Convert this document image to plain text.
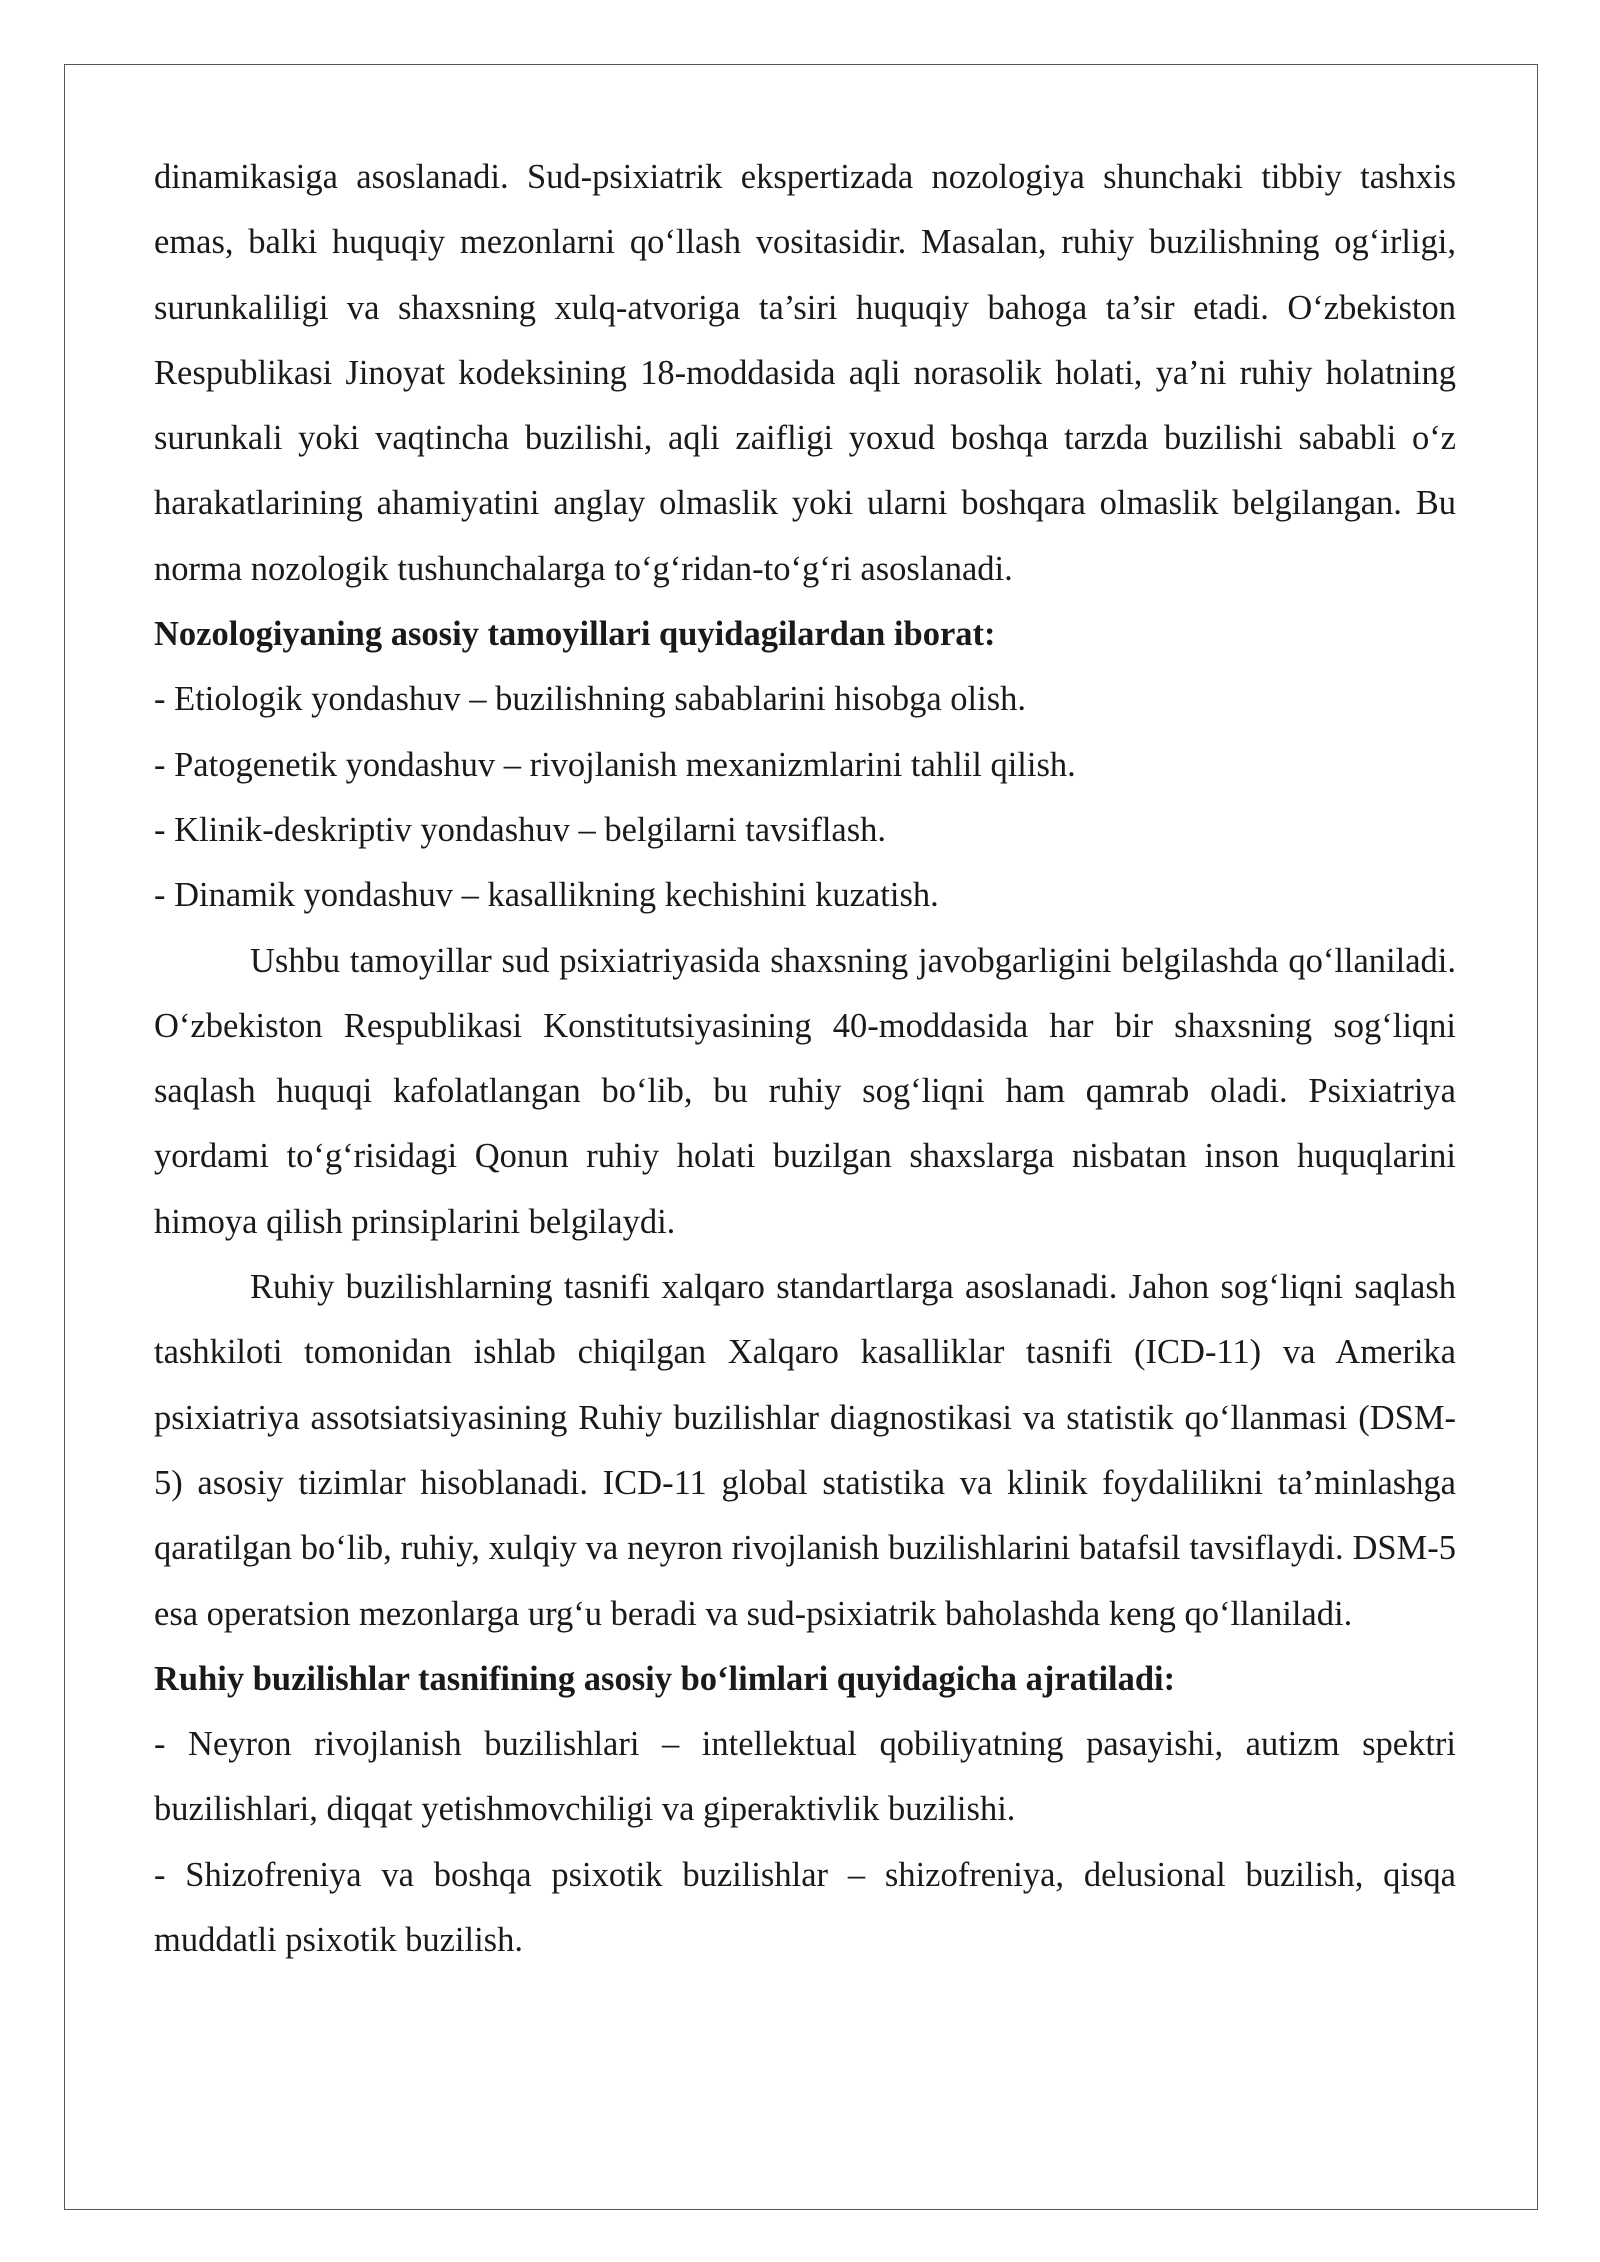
dinamikasiga asoslanadi. Sud-psixiatrik ekspertizada nozologiya shunchaki tibbiy tashxis emas, balki huquqiy mezonlarni qo‘llash vositasidir. Masalan, ruhiy buzilishning og‘irligi, surunkaliligi va shaxsning xulq-atvoriga ta’siri huquqiy bahoga ta’sir etadi. O‘zbekiston Respublikasi Jinoyat kodeksining 18-moddasida aqli norasolik holati, ya’ni ruhiy holatning surunkali yoki vaqtincha buzilishi, aqli zaifligi yoxud boshqa tarzda buzilishi sababli o‘z harakatlarining ahamiyatini anglay olmaslik yoki ularni boshqara olmaslik belgilangan. Bu norma nozologik tushunchalarga to‘g‘ridan-to‘g‘ri asoslanadi.

Nozologiyaning asosiy tamoyillari quyidagilardan iborat:

- Etiologik yondashuv – buzilishning sabablarini hisobga olish.

- Patogenetik yondashuv – rivojlanish mexanizmlarini tahlil qilish.

- Klinik-deskriptiv yondashuv – belgilarni tavsiflash.

- Dinamik yondashuv – kasallikning kechishini kuzatish.

Ushbu tamoyillar sud psixiatriyasida shaxsning javobgarligini belgilashda qo‘llaniladi. O‘zbekiston Respublikasi Konstitutsiyasining 40-moddasida har bir shaxsning sog‘liqni saqlash huquqi kafolatlangan bo‘lib, bu ruhiy sog‘liqni ham qamrab oladi. Psixiatriya yordami to‘g‘risidagi Qonun ruhiy holati buzilgan shaxslarga nisbatan inson huquqlarini himoya qilish prinsiplarini belgilaydi.

Ruhiy buzilishlarning tasnifi xalqaro standartlarga asoslanadi. Jahon sog‘liqni saqlash tashkiloti tomonidan ishlab chiqilgan Xalqaro kasalliklar tasnifi (ICD-11) va Amerika psixiatriya assotsiatsiyasining Ruhiy buzilishlar diagnostikasi va statistik qo‘llanmasi (DSM-5) asosiy tizimlar hisoblanadi. ICD-11 global statistika va klinik foydalilikni ta’minlashga qaratilgan bo‘lib, ruhiy, xulqiy va neyron rivojlanish buzilishlarini batafsil tavsiflaydi. DSM-5 esa operatsion mezonlarga urg‘u beradi va sud-psixiatrik baholashda keng qo‘llaniladi.

Ruhiy buzilishlar tasnifining asosiy bo‘limlari quyidagicha ajratiladi:

- Neyron rivojlanish buzilishlari – intellektual qobiliyatning pasayishi, autizm spektri buzilishlari, diqqat yetishmovchiligi va giperaktivlik buzilishi.

- Shizofreniya va boshqa psixotik buzilishlar – shizofreniya, delusional buzilish, qisqa muddatli psixotik buzilish.
